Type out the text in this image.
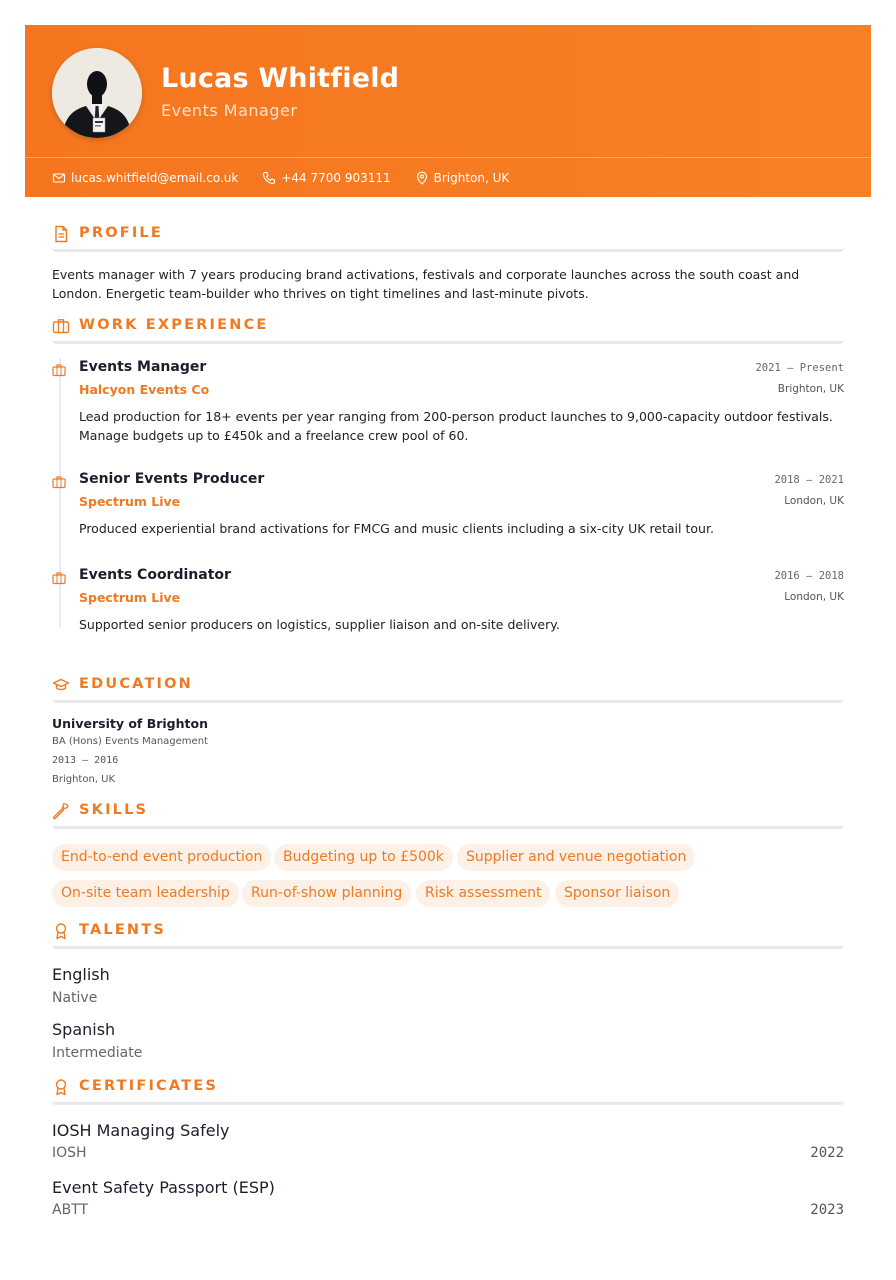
Lucas Whitfield
Events Manager
lucas.whitfield@email.co.uk	+44 7700 903111	Brighton, UK
PROFILE
Events manager with 7 years producing brand activations, festivals and corporate launches across the south coast and
London. Energetic team-builder who thrives on tight timelines and last-minute pivots.
WORK EXPERIENCE
Events Manager	2021 – Present
Halcyon Events Co	Brighton, UK
Lead production for 18+ events per year ranging from 200-person product launches to 9,000-capacity outdoor festivals.
Manage budgets up to £450k and a freelance crew pool of 60.
Senior Events Producer	2018 – 2021
Spectrum Live	London, UK
Produced experiential brand activations for FMCG and music clients including a six-city UK retail tour.
Events Coordinator	2016 – 2018
Spectrum Live	London, UK
Supported senior producers on logistics, supplier liaison and on-site delivery.
EDUCATION
University of Brighton
BA (Hons) Events Management
2013 – 2016
Brighton, UK
SKILLS
End-to-end event production	Budgeting up to £500k	Supplier and venue negotiation
On-site team leadership	Run-of-show planning	Risk assessment	Sponsor liaison
TALENTS
English
Native
Spanish
Intermediate
CERTIFICATES
IOSH Managing Safely
IOSH	2022
Event Safety Passport (ESP)
ABTT	2023
